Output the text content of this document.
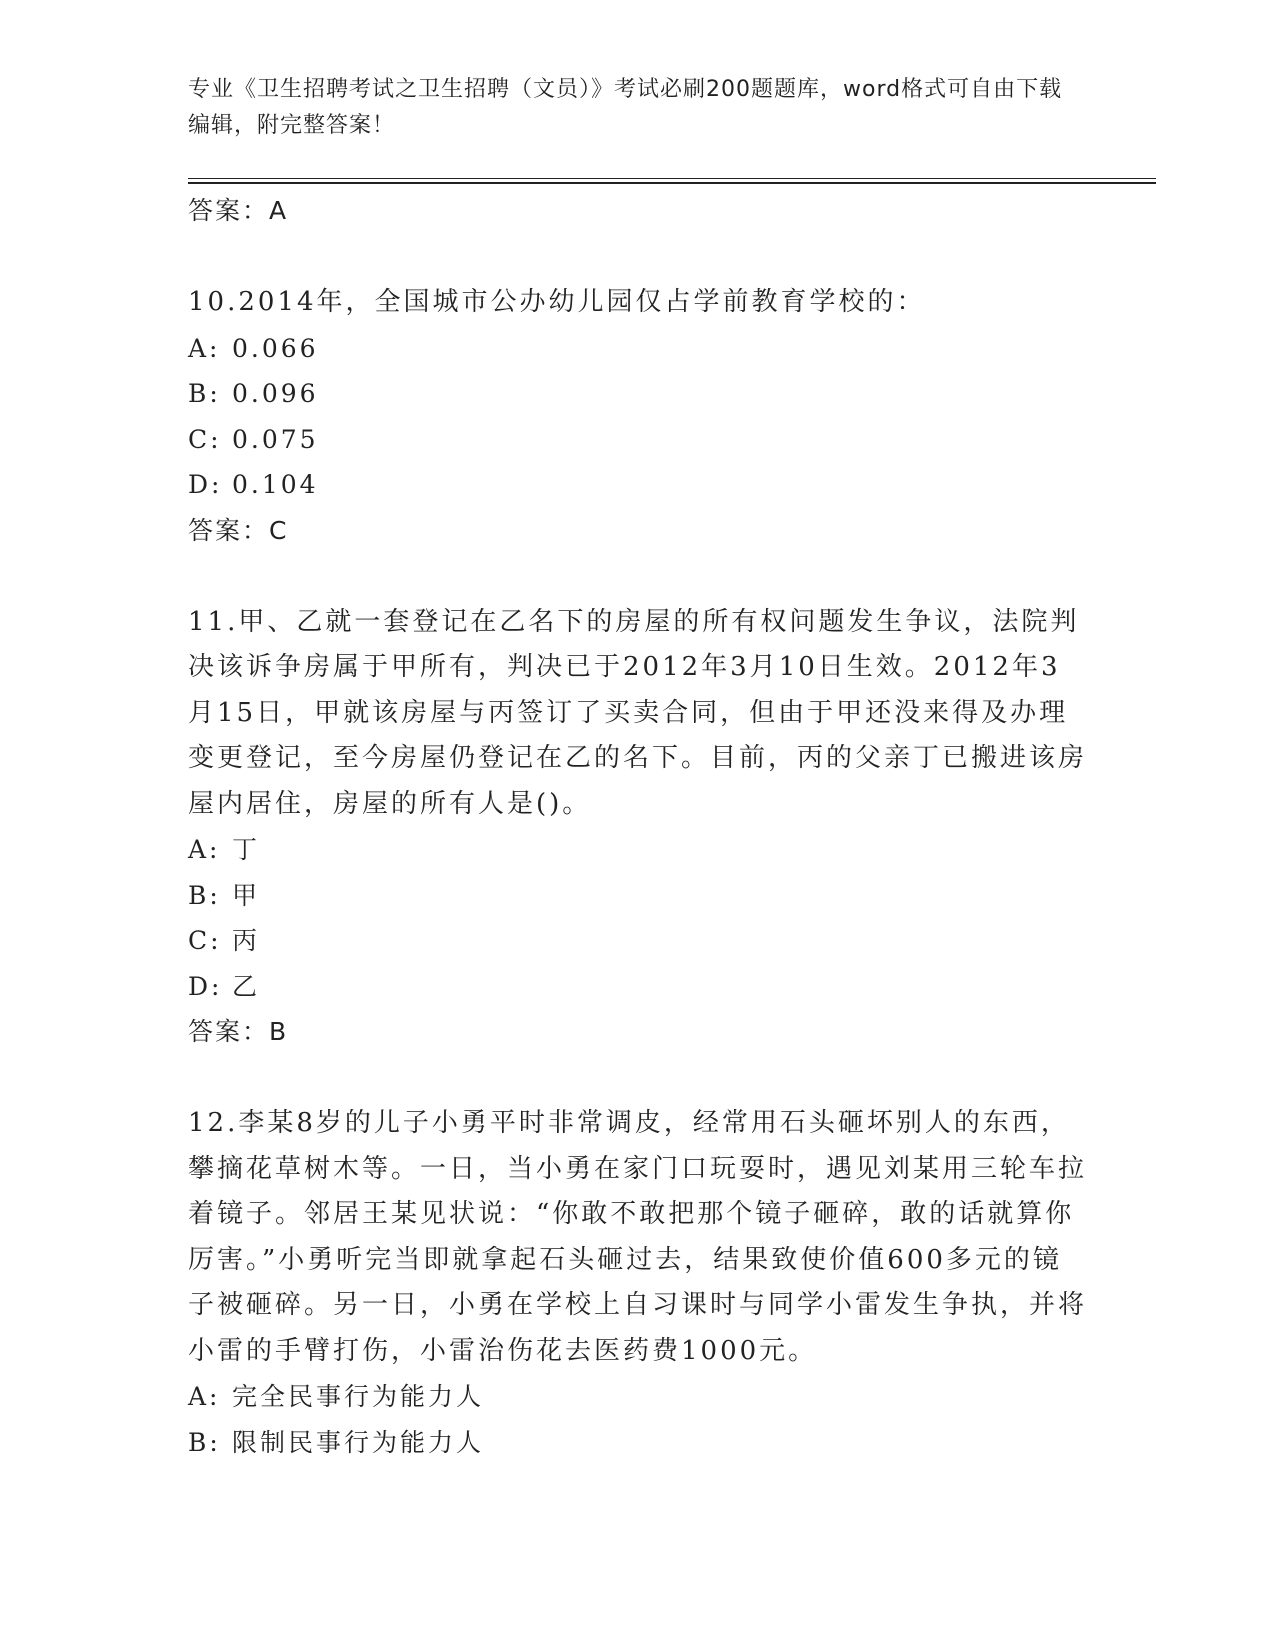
专业《卫生招聘考试之卫生招聘（文员）》考试必刷200题题库，word格式可自由下载编辑，附完整答案！
答案：A
10.2014年，全国城市公办幼儿园仅占学前教育学校的：
A: 0.066
B: 0.096
C: 0.075
D: 0.104
答案：C
11.甲、乙就一套登记在乙名下的房屋的所有权问题发生争议，法院判决该诉争房属于甲所有，判决已于2012年3月10日生效。2012年3月15日，甲就该房屋与丙签订了买卖合同，但由于甲还没来得及办理变更登记，至今房屋仍登记在乙的名下。目前，丙的父亲丁已搬进该房屋内居住，房屋的所有人是()。
A: 丁
B: 甲
C: 丙
D: 乙
答案：B
12.李某8岁的儿子小勇平时非常调皮，经常用石头砸坏别人的东西，攀摘花草树木等。一日，当小勇在家门口玩耍时，遇见刘某用三轮车拉着镜子。邻居王某见状说：“你敢不敢把那个镜子砸碎，敢的话就算你厉害。”小勇听完当即就拿起石头砸过去，结果致使价值600多元的镜子被砸碎。另一日，小勇在学校上自习课时与同学小雷发生争执，并将小雷的手臂打伤，小雷治伤花去医药费1000元。
A: 完全民事行为能力人
B: 限制民事行为能力人
